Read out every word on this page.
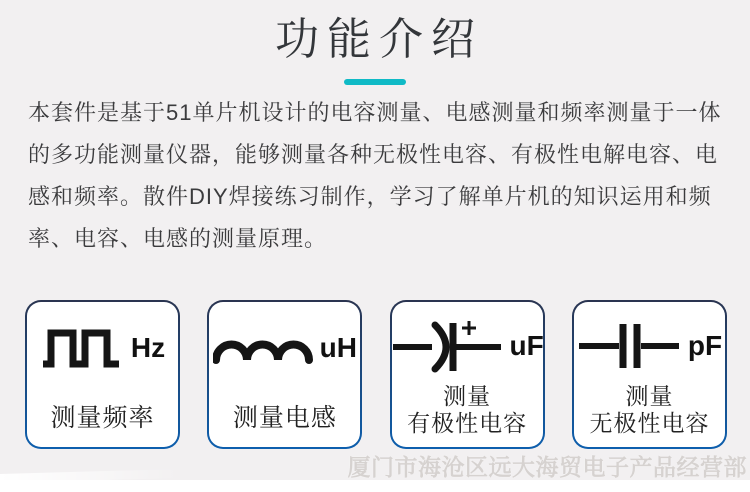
功能介绍
本套件是基于51单片机设计的电容测量、电感测量和频率测量于一体
的多功能测量仪器，能够测量各种无极性电容、有极性电解电容、电
感和频率。散件DIY焊接练习制作，学习了解单片机的知识运用和频
率、电容、电感的测量原理。
Hz
测量频率
uH
测量电感
uF
测量
有极性电容
pF
测量
无极性电容
厦门市海沧区远大海贸电子产品经营部
